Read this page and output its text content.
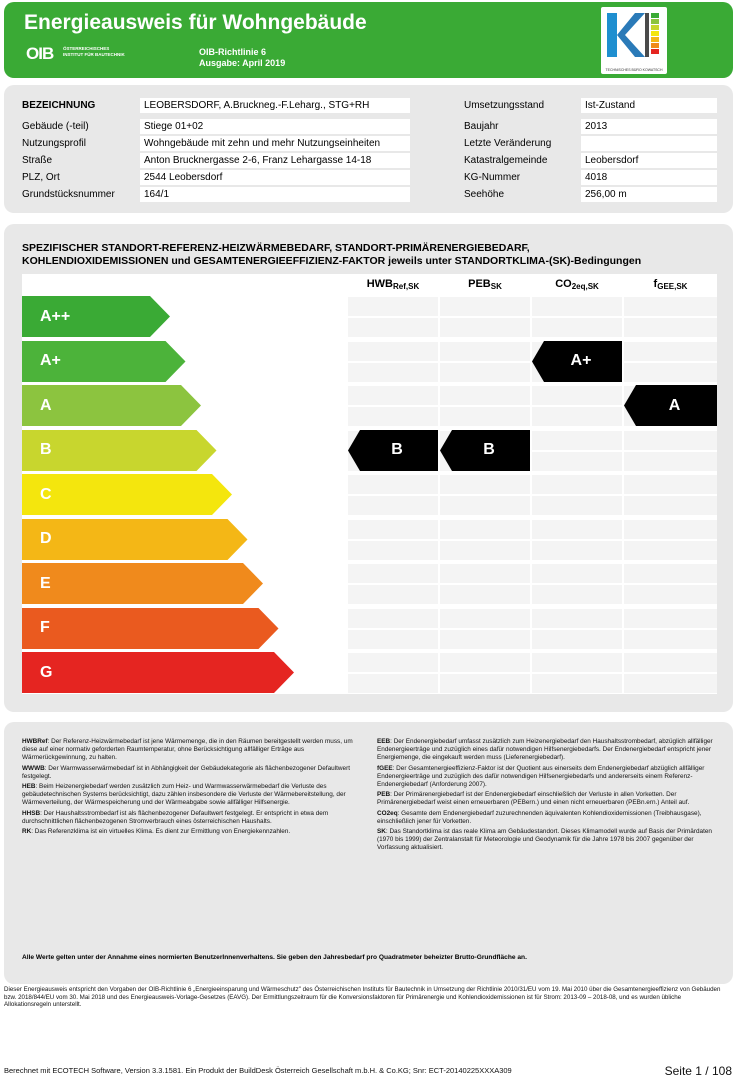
Energieausweis für Wohngebäude
OIB ÖSTERREICHISCHES
INSTITUT FÜR BAUTECHNIK	OIB-Richtlinie 6
Ausgabe: April 2019
TECHNISCHES BÜRO KOWATSCH
BEZEICHNUNG	LEOBERSDORF, A.Bruckneg.-F.Leharg., STG+RH
Gebäude (-teil)	Stiege 01+02
Nutzungsprofil	Wohngebäude mit zehn und mehr Nutzungseinheiten
Straße	Anton Brucknergasse 2-6, Franz Lehargasse 14-18
PLZ, Ort	2544 Leobersdorf
Grundstücksnummer	164/1
Umsetzungsstand	Ist-Zustand
Baujahr	2013
Letzte Veränderung
Katastralgemeinde	Leobersdorf
KG-Nummer	4018
Seehöhe	256,00 m
SPEZIFISCHER STANDORT-REFERENZ-HEIZWÄRMEBEDARF, STANDORT-PRIMÄRENERGIEBEDARF,
KOHLENDIOXIDEMISSIONEN und GESAMTENERGIEEFFIZIENZ-FAKTOR jeweils unter STANDORTKLIMA-(SK)-Bedingungen
$HWB_{Ref,SK}$	$PEB_{SK}$	$CO_{2eq,SK}$	$f_{GEE,SK}$
A++
A+
A
B
C
D
E
F
G
B	B
A+
A

HWBRef: Der Referenz-Heizwärmebedarf ist jene Wärmemenge, die in den Räumen bereitgestellt werden muss, um diese auf einer normativ geforderten Raumtemperatur, ohne Berücksichtigung allfälliger Erträge aus Wärmerückgewinnung, zu halten.

WWWB: Der Warmwasserwärmebedarf ist in Abhängigkeit der Gebäudekategorie als flächenbezogener Defaultwert festgelegt.

HEB: Beim Heizenergiebedarf werden zusätzlich zum Heiz- und Warmwasserwärmebedarf die Verluste des gebäudetechnischen Systems berücksichtigt, dazu zählen insbesondere die Verluste der Wärmebereitstellung, der Wärmeverteilung, der Wärmespeicherung und der Wärmeabgabe sowie allfälliger Hilfsenergie.

HHSB: Der Haushaltsstrombedarf ist als flächenbezogener Defaultwert festgelegt. Er entspricht in etwa dem durchschnittlichen flächenbezogenen Stromverbrauch eines österreichischen Haushalts.

RK: Das Referenzklima ist ein virtuelles Klima. Es dient zur Ermittlung von Energiekennzahlen.

EEB: Der Endenergiebedarf umfasst zusätzlich zum Heizenergiebedarf den Haushaltsstrombedarf, abzüglich allfälliger Endenergieerträge und zuzüglich eines dafür notwendigen Hilfsenergiebedarfs. Der Endenergiebedarf entspricht jener Energiemenge, die eingekauft werden muss (Lieferenergiebedarf).

fGEE: Der Gesamtenergieeffizienz-Faktor ist der Quotient aus einerseits dem Endenergiebedarf abzüglich allfälliger Endenergieerträge und zuzüglich des dafür notwendigen Hilfsenergiebedarfs und andererseits einem Referenz-Endenergiebedarf (Anforderung 2007).

PEB: Der Primärenergiebedarf ist der Endenergiebedarf einschließlich der Verluste in allen Vorketten. Der Primärenergiebedarf weist einen erneuerbaren (PEBern.) und einen nicht erneuerbaren (PEBn.ern.) Anteil auf.

CO2eq: Gesamte dem Endenergiebedarf zuzurechnenden äquivalenten Kohlendioxidemissionen (Treibhausgase), einschließlich jener für Vorketten.

SK: Das Standortklima ist das reale Klima am Gebäudestandort. Dieses Klimamodell wurde auf Basis der Primärdaten (1970 bis 1999) der Zentralanstalt für Meteorologie und Geodynamik für die Jahre 1978 bis 2007 gegenüber der Vorfassung aktualisiert.

Alle Werte gelten unter der Annahme eines normierten BenutzerInnenverhaltens. Sie geben den Jahresbedarf pro Quadratmeter beheizter Brutto-Grundfläche an.
Dieser Energieausweis entspricht den Vorgaben der OIB-Richtlinie 6 „Energieeinsparung und Wärmeschutz" des Österreichischen Instituts für Bautechnik in Umsetzung der Richtlinie 2010/31/EU vom 19. Mai 2010 über die Gesamtenergieeffizienz von Gebäuden bzw. 2018/844/EU vom 30. Mai 2018 und des Energieausweis-Vorlage-Gesetzes (EAVG). Der Ermittlungszeitraum für die Konversionsfaktoren für Primärenergie und Kohlendioxidemissionen ist für Strom: 2013-09 – 2018-08, und es wurden übliche Allokationsregeln unterstellt.
Berechnet mit ECOTECH Software, Version 3.3.1581. Ein Produkt der BuildDesk Österreich Gesellschaft m.b.H. & Co.KG; Snr: ECT-20140225XXXA309	Seite 1 / 108
